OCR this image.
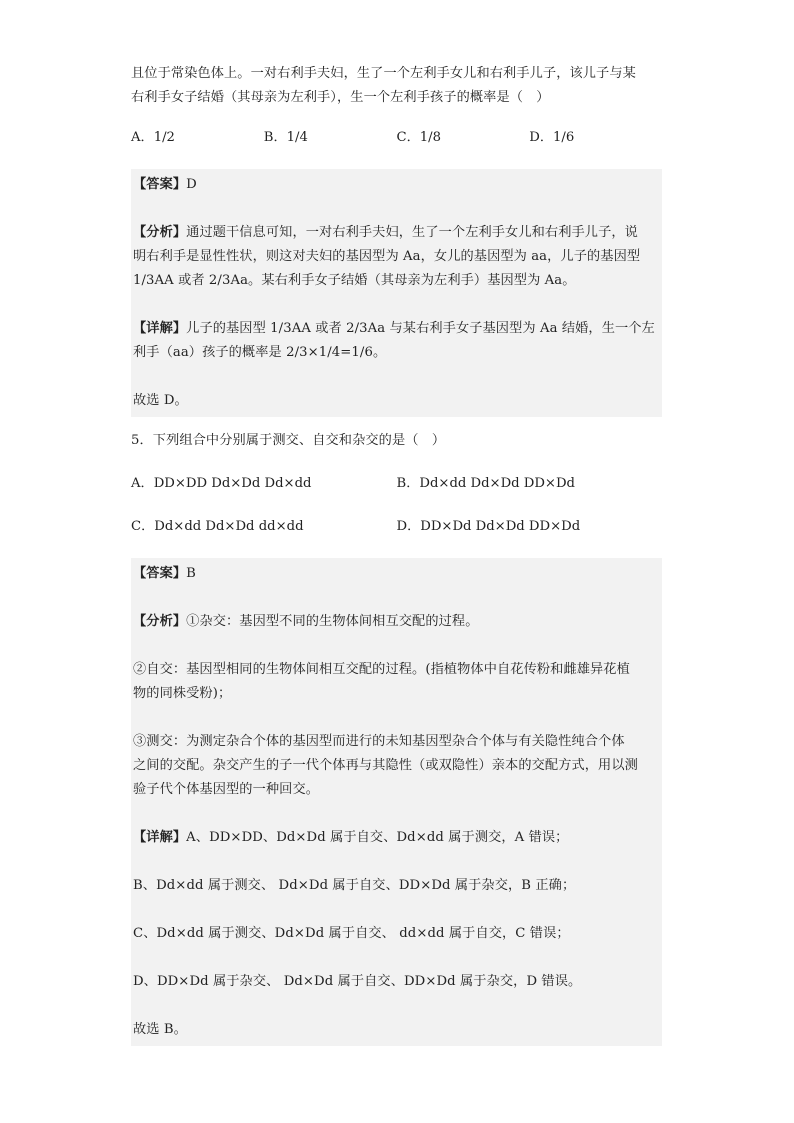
且位于常染色体上。一对右利手夫妇，生了一个左利手女儿和右利手儿子，该儿子与某

右利手女子结婚（其母亲为左利手），生一个左利手孩子的概率是（　）

A．1/2	B．1/4	C．1/8	D．1/6

【答案】D

【分析】通过题干信息可知，一对右利手夫妇，生了一个左利手女儿和右利手儿子，说
明右利手是显性性状，则这对夫妇的基因型为 Aa，女儿的基因型为 aa，儿子的基因型
1/3AA 或者 2/3Aa。某右利手女子结婚（其母亲为左利手）基因型为 Aa。

【详解】儿子的基因型 1/3AA 或者 2/3Aa 与某右利手女子基因型为 Aa 结婚，生一个左
利手（aa）孩子的概率是 2/3×1/4=1/6。

故选 D。

5．下列组合中分别属于测交、自交和杂交的是（　）

A．DD×DD Dd×Dd Dd×dd	B．Dd×dd Dd×Dd DD×Dd
C．Dd×dd Dd×Dd dd×dd	D．DD×Dd Dd×Dd DD×Dd

【答案】B

【分析】①杂交：基因型不同的生物体间相互交配的过程。

②自交：基因型相同的生物体间相互交配的过程。(指植物体中自花传粉和雌雄异花植
物的同株受粉)；

③测交：为测定杂合个体的基因型而进行的未知基因型杂合个体与有关隐性纯合个体
之间的交配。杂交产生的子一代个体再与其隐性（或双隐性）亲本的交配方式，用以测
验子代个体基因型的一种回交。

【详解】A、DD×DD、Dd×Dd 属于自交、Dd×dd 属于测交，A 错误；

B、Dd×dd 属于测交、 Dd×Dd 属于自交、DD×Dd 属于杂交，B 正确；

C、Dd×dd 属于测交、Dd×Dd 属于自交、 dd×dd 属于自交，C 错误；

D、DD×Dd 属于杂交、 Dd×Dd 属于自交、DD×Dd 属于杂交，D 错误。

故选 B。
